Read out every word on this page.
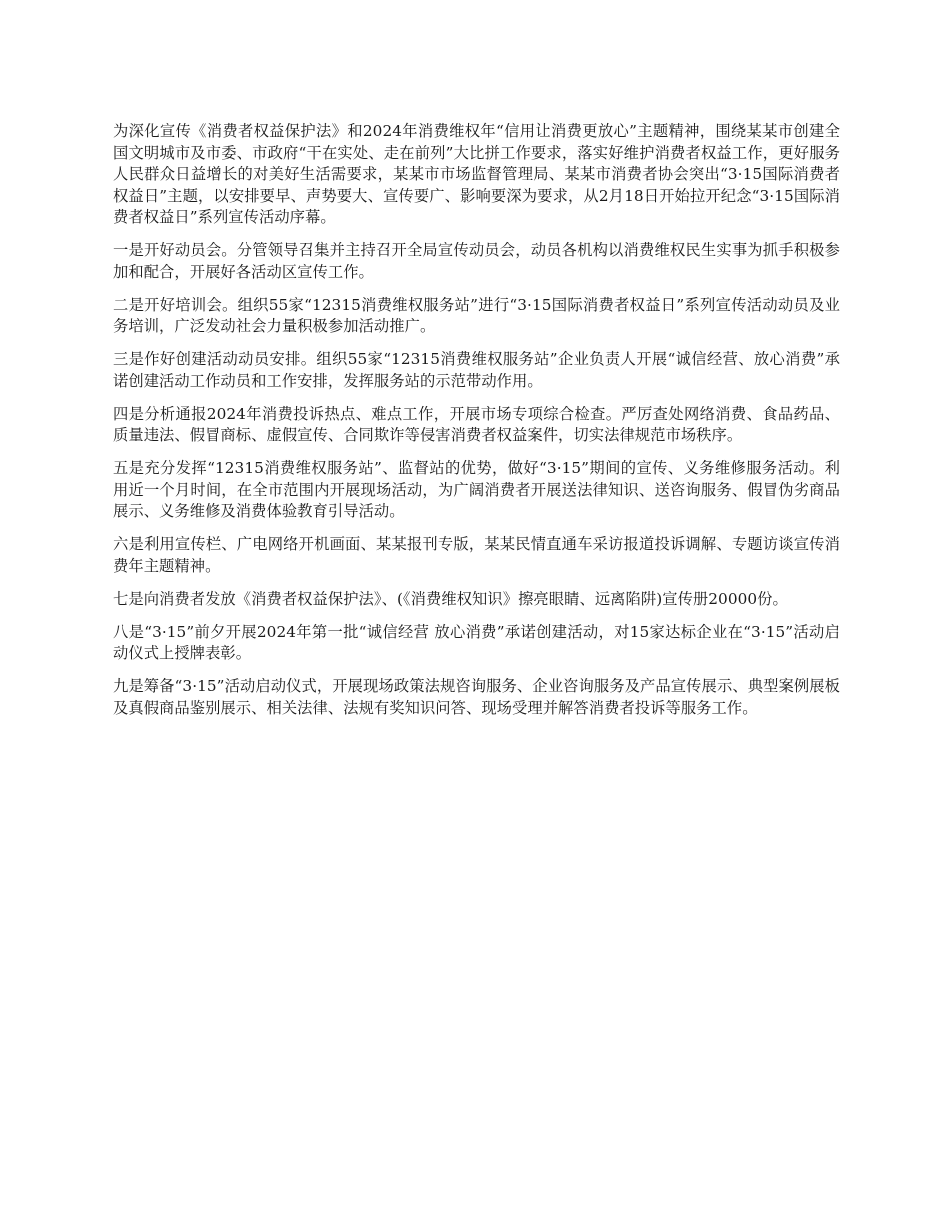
为深化宣传《消费者权益保护法》和2024年消费维权年“信用让消费更放心”主题精神，围绕某某市创建全国文明城市及市委、市政府“干在实处、走在前列”大比拼工作要求，落实好维护消费者权益工作，更好服务人民群众日益增长的对美好生活需要求，某某市市场监督管理局、某某市消费者协会突出“3·15国际消费者权益日”主题，以安排要早、声势要大、宣传要广、影响要深为要求，从2月18日开始拉开纪念“3·15国际消费者权益日”系列宣传活动序幕。

一是开好动员会。分管领导召集并主持召开全局宣传动员会，动员各机构以消费维权民生实事为抓手积极参加和配合，开展好各活动区宣传工作。

二是开好培训会。组织55家“12315消费维权服务站”进行“3·15国际消费者权益日”系列宣传活动动员及业务培训，广泛发动社会力量积极参加活动推广。

三是作好创建活动动员安排。组织55家“12315消费维权服务站”企业负责人开展“诚信经营、放心消费”承诺创建活动工作动员和工作安排，发挥服务站的示范带动作用。

四是分析通报2024年消费投诉热点、难点工作，开展市场专项综合检查。严厉查处网络消费、食品药品、质量违法、假冒商标、虚假宣传、合同欺诈等侵害消费者权益案件，切实法律规范市场秩序。

五是充分发挥“12315消费维权服务站”、监督站的优势，做好“3·15”期间的宣传、义务维修服务活动。利用近一个月时间，在全市范围内开展现场活动，为广阔消费者开展送法律知识、送咨询服务、假冒伪劣商品展示、义务维修及消费体验教育引导活动。

六是利用宣传栏、广电网络开机画面、某某报刊专版，某某民情直通车采访报道投诉调解、专题访谈宣传消费年主题精神。

七是向消费者发放《消费者权益保护法》、(《消费维权知识》擦亮眼睛、远离陷阱)宣传册20000份。

八是“3·15”前夕开展2024年第一批“诚信经营 放心消费”承诺创建活动，对15家达标企业在“3·15”活动启动仪式上授牌表彰。

九是筹备“3·15”活动启动仪式，开展现场政策法规咨询服务、企业咨询服务及产品宣传展示、典型案例展板及真假商品鉴别展示、相关法律、法规有奖知识问答、现场受理并解答消费者投诉等服务工作。
